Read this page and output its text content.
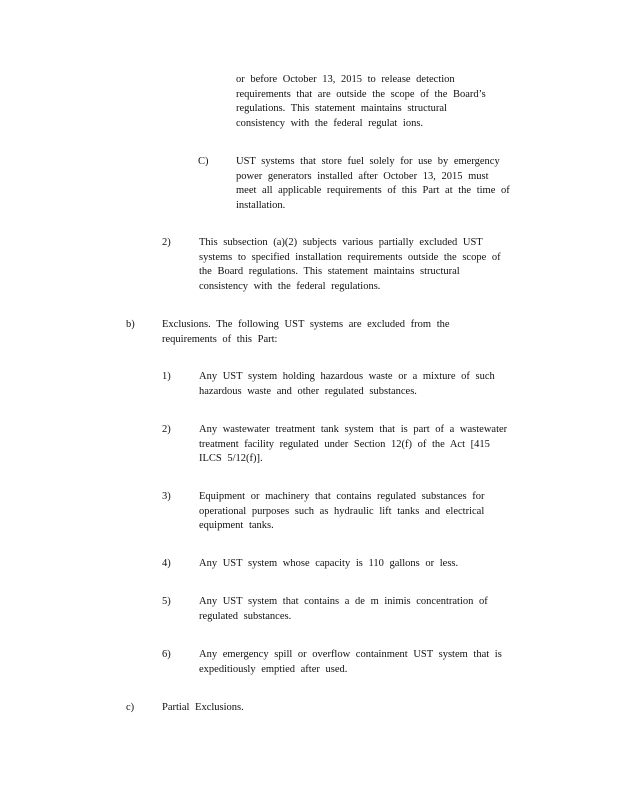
or before October 13, 2015 to release detection

requirements that are outside the scope of the Board’s

regulations. This statement maintains structural

consistency with the federal regulat ions.

C)	UST systems that store fuel solely for use by emergency

power generators installed after October 13, 2015 must

meet all applicable requirements of this Part at the time of

installation.

2)	This subsection (a)(2) subjects various partially excluded UST

systems to specified installation requirements outside the scope of

the Board regulations. This statement maintains structural

consistency with the federal regulations.

b)	Exclusions. The following UST systems are excluded from the

requirements of this Part:

1)	Any UST system holding hazardous waste or a mixture of such

hazardous waste and other regulated substances.

2)	Any wastewater treatment tank system that is part of a wastewater

treatment facility regulated under Section 12(f) of the Act [415

ILCS 5/12(f)].

3)	Equipment or machinery that contains regulated substances for

operational purposes such as hydraulic lift tanks and electrical

equipment tanks.

4)	Any UST system whose capacity is 110 gallons or less.

5)	Any UST system that contains a de m inimis concentration of

regulated substances.

6)	Any emergency spill or overflow containment UST system that is

expeditiously emptied after used.

c)	Partial Exclusions.
